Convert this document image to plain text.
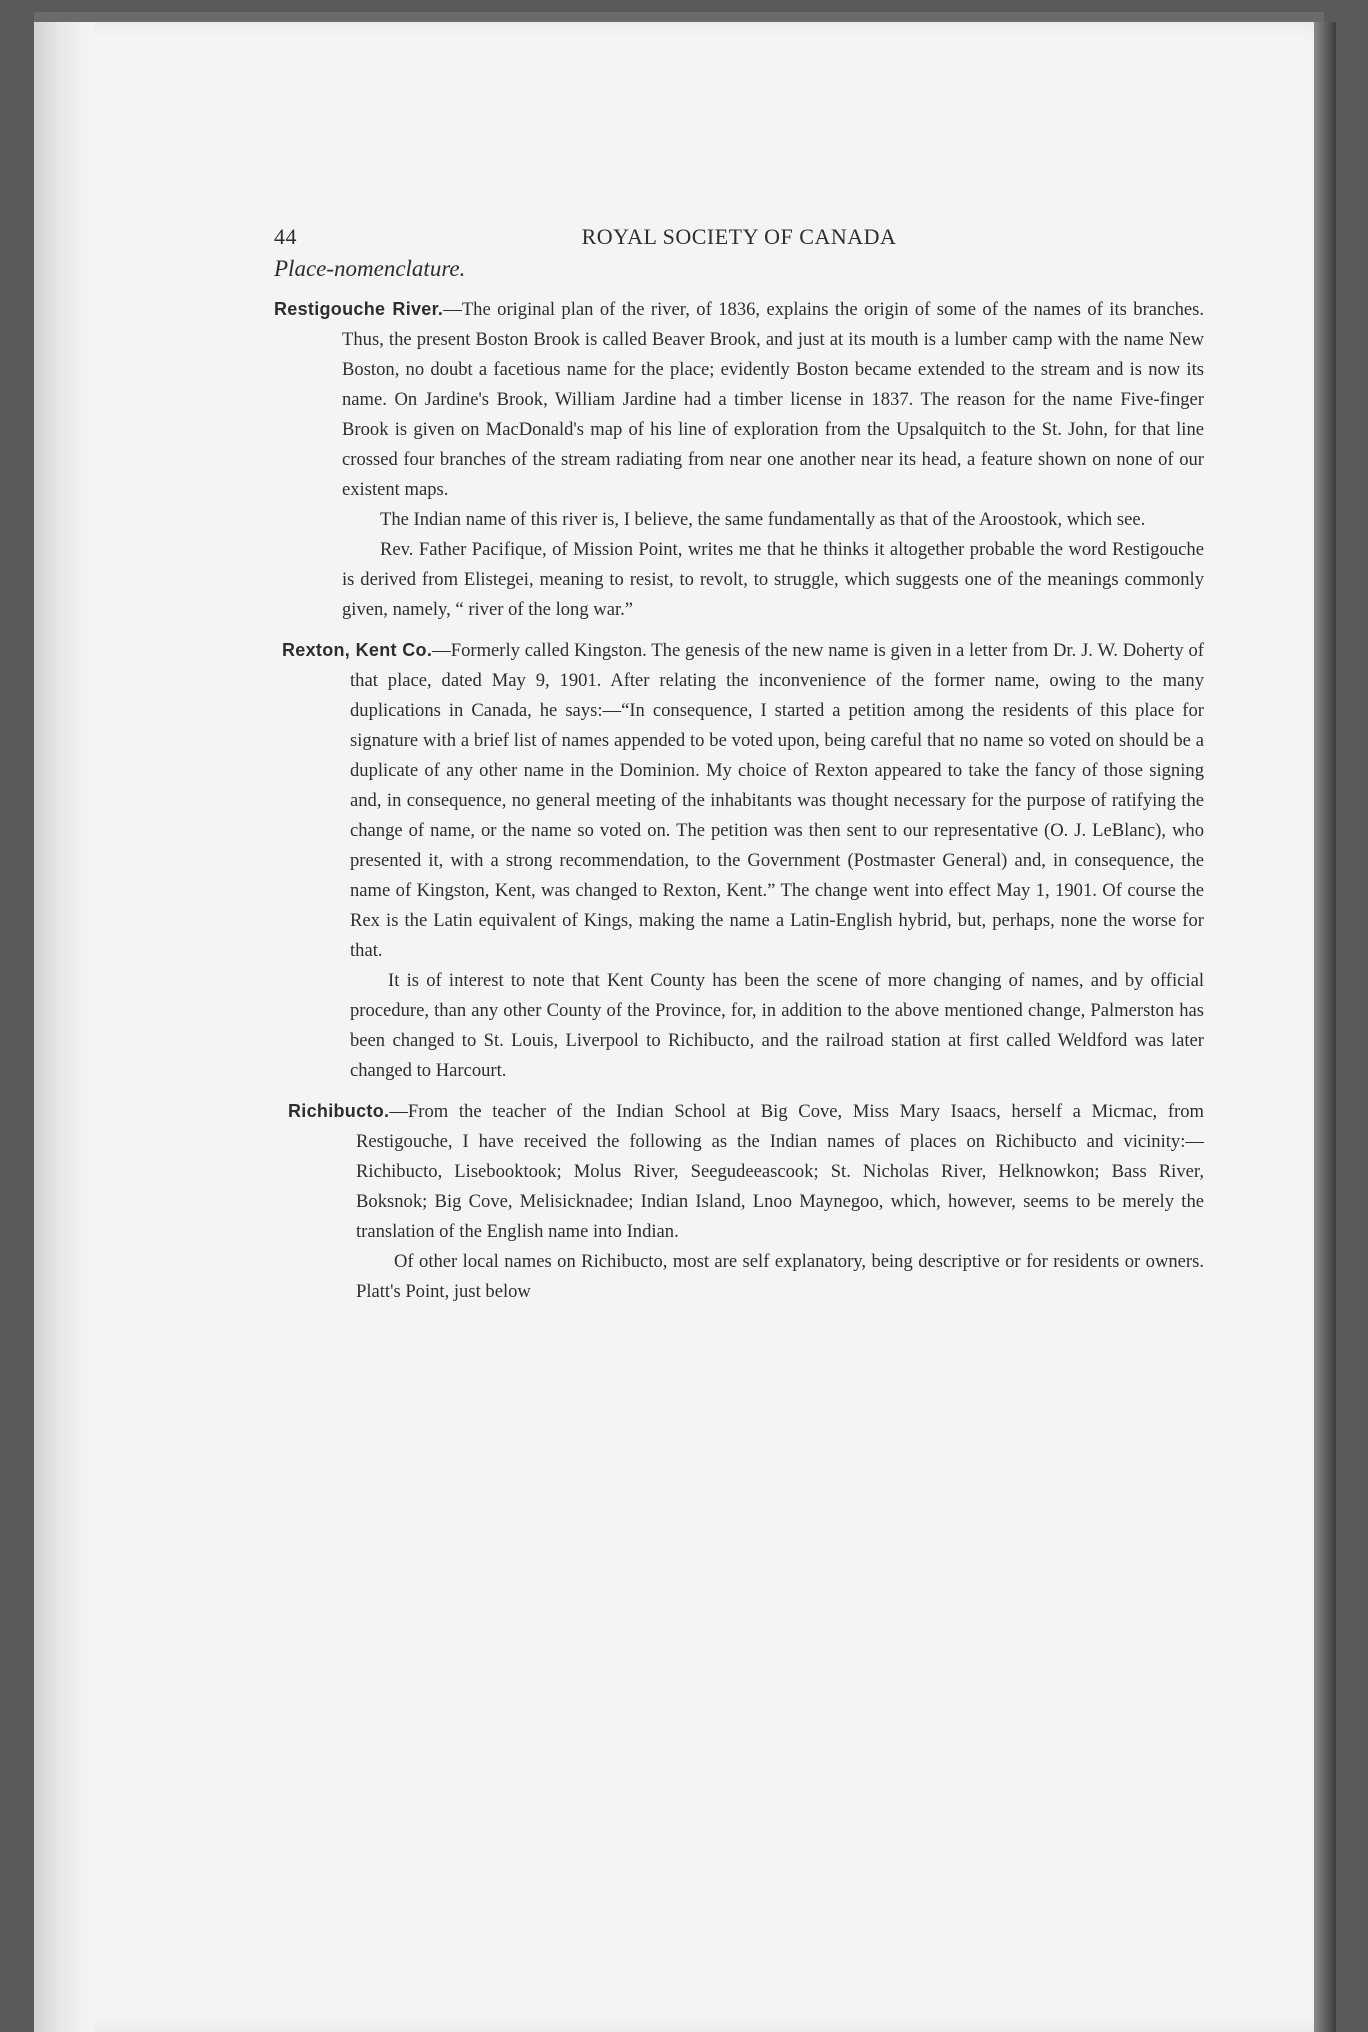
44	ROYAL SOCIETY OF CANADA
Place-nomenclature.

Restigouche River.—The original plan of the river, of 1836, explains the origin of some of the names of its branches. Thus, the present Boston Brook is called Beaver Brook, and just at its mouth is a lumber camp with the name New Boston, no doubt a facetious name for the place; evidently Boston became extended to the stream and is now its name. On Jardine's Brook, William Jardine had a timber license in 1837. The reason for the name Five-finger Brook is given on MacDonald's map of his line of exploration from the Upsalquitch to the St. John, for that line crossed four branches of the stream radiating from near one another near its head, a feature shown on none of our existent maps.

The Indian name of this river is, I believe, the same fundamentally as that of the Aroostook, which see.

Rev. Father Pacifique, of Mission Point, writes me that he thinks it altogether probable the word Restigouche is derived from Elistegei, meaning to resist, to revolt, to struggle, which suggests one of the meanings commonly given, namely, “ river of the long war.”

Rexton, Kent Co.—Formerly called Kingston. The genesis of the new name is given in a letter from Dr. J. W. Doherty of that place, dated May 9, 1901. After relating the inconvenience of the former name, owing to the many duplications in Canada, he says:—“In consequence, I started a petition among the residents of this place for signature with a brief list of names appended to be voted upon, being careful that no name so voted on should be a duplicate of any other name in the Dominion. My choice of Rexton appeared to take the fancy of those signing and, in consequence, no general meeting of the inhabitants was thought necessary for the purpose of ratifying the change of name, or the name so voted on. The petition was then sent to our representative (O. J. LeBlanc), who presented it, with a strong recommendation, to the Government (Postmaster General) and, in consequence, the name of Kingston, Kent, was changed to Rexton, Kent.” The change went into effect May 1, 1901. Of course the Rex is the Latin equivalent of Kings, making the name a Latin-English hybrid, but, perhaps, none the worse for that.

It is of interest to note that Kent County has been the scene of more changing of names, and by official procedure, than any other County of the Province, for, in addition to the above mentioned change, Palmerston has been changed to St. Louis, Liverpool to Richibucto, and the railroad station at first called Weldford was later changed to Harcourt.

Richibucto.—From the teacher of the Indian School at Big Cove, Miss Mary Isaacs, herself a Micmac, from Restigouche, I have received the following as the Indian names of places on Richibucto and vicinity:—Richibucto, Lisebooktook; Molus River, Seegudeeascook; St. Nicholas River, Helknowkon; Bass River, Boksnok; Big Cove, Melisicknadee; Indian Island, Lnoo Maynegoo, which, however, seems to be merely the translation of the English name into Indian.

Of other local names on Richibucto, most are self explanatory, being descriptive or for residents or owners. Platt's Point, just below
